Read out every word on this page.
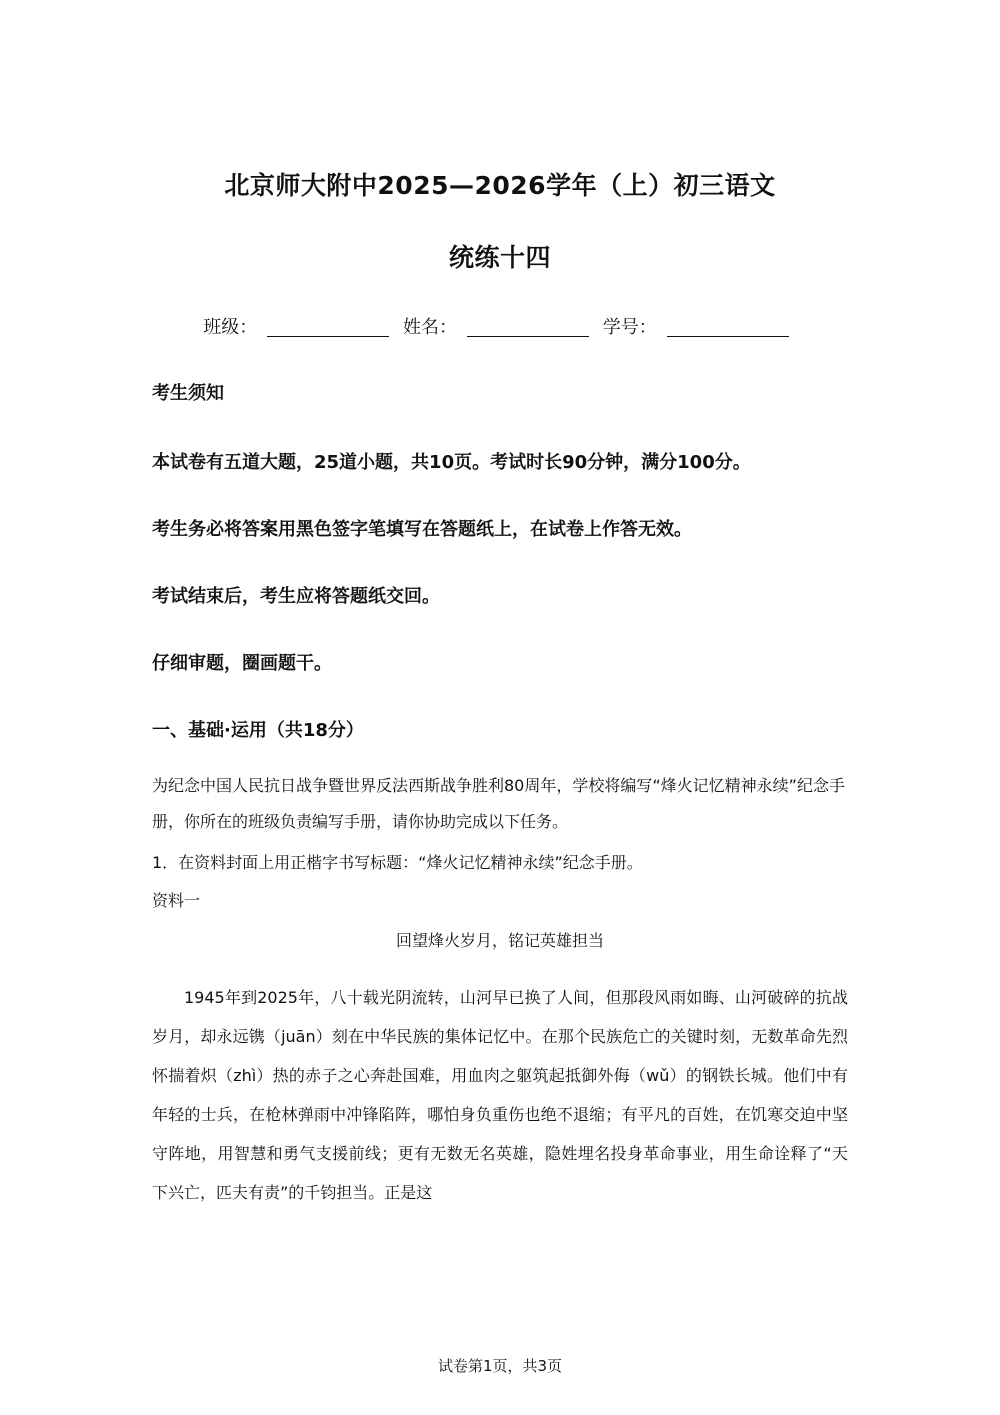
北京师大附中2025—2026学年（上）初三语文
统练十四
班级：	姓名：	学号：
考生须知
本试卷有五道大题，25道小题，共10页。考试时长90分钟，满分100分。
考生务必将答案用黑色签字笔填写在答题纸上，在试卷上作答无效。
考试结束后，考生应将答题纸交回。
仔细审题，圈画题干。
一、基础·运用（共18分）
为纪念中国人民抗日战争暨世界反法西斯战争胜利80周年，学校将编写“烽火记忆精神永续”纪念手册，你所在的班级负责编写手册，请你协助完成以下任务。
1．在资料封面上用正楷字书写标题：“烽火记忆精神永续”纪念手册。
资料一
回望烽火岁月，铭记英雄担当
1945年到2025年，八十载光阴流转，山河早已换了人间，但那段风雨如晦、山河破碎的抗战岁月，却永远镌（juān）刻在中华民族的集体记忆中。在那个民族危亡的关键时刻，无数革命先烈怀揣着炽（zhì）热的赤子之心奔赴国难，用血肉之躯筑起抵御外侮（wǔ）的钢铁长城。他们中有年轻的士兵，在枪林弹雨中冲锋陷阵，哪怕身负重伤也绝不退缩；有平凡的百姓，在饥寒交迫中坚守阵地，用智慧和勇气支援前线；更有无数无名英雄，隐姓埋名投身革命事业，用生命诠释了“天下兴亡，匹夫有责”的千钧担当。正是这
试卷第1页，共3页
